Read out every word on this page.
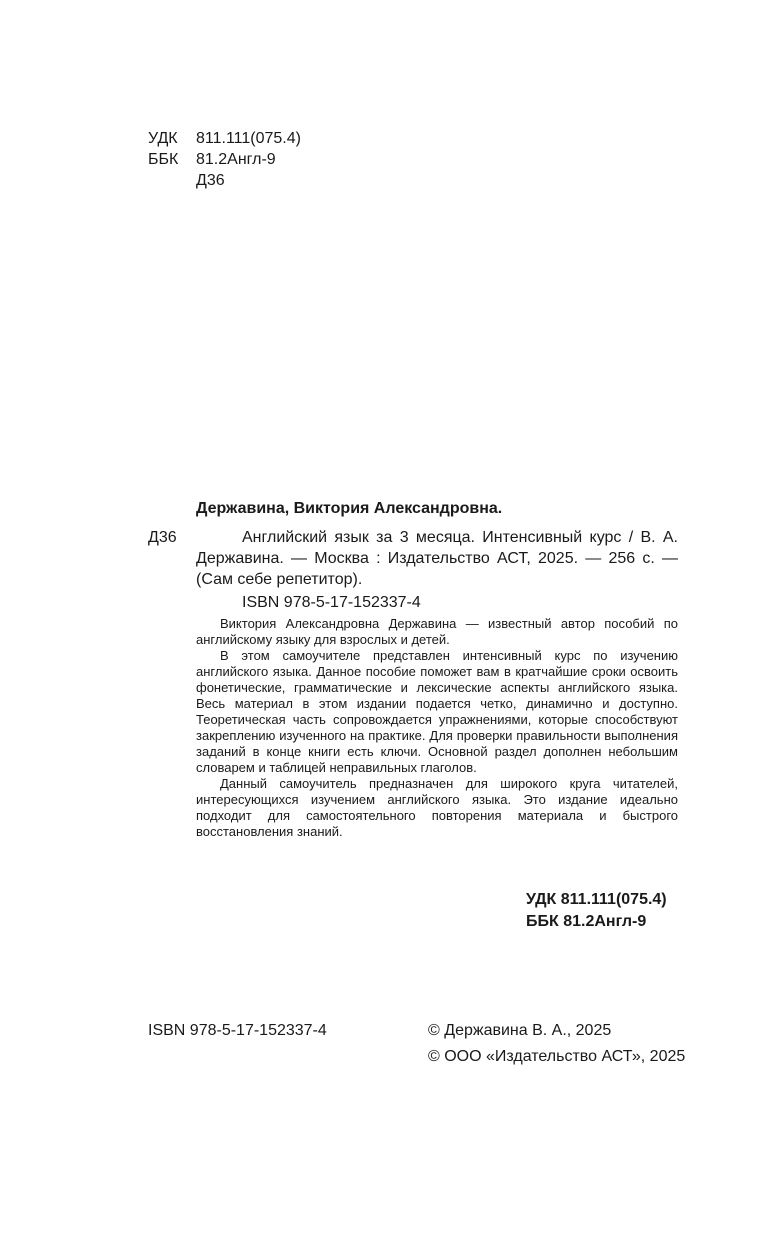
УДК	811.111(075.4)
ББК	81.2Англ-9
Д36
Державина, Виктория Александровна.
Д36	Английский язык за 3 месяца. Интенсивный курс / В. А. Державина. — Москва : Издательство АСТ, 2025. — 256 с. — (Сам себе репетитор).
ISBN 978-5-17-152337-4

Виктория Александровна Державина — известный автор пособий по английскому языку для взрослых и детей.

В этом самоучителе представлен интенсивный курс по изучению английского языка. Данное пособие поможет вам в кратчайшие сроки освоить фонетические, грамматические и лексические аспекты английского языка. Весь материал в этом издании подается четко, динамично и доступно. Теоретическая часть сопровождается упражнениями, которые способствуют закреплению изученного на практике. Для проверки правильности выполнения заданий в конце книги есть ключи. Основной раздел дополнен небольшим словарем и таблицей неправильных глаголов.

Данный самоучитель предназначен для широкого круга читателей, интересующихся изучением английского языка. Это издание идеально подходит для самостоятельного повторения материала и быстрого восстановления знаний.

УДК 811.111(075.4)
ББК 81.2Англ-9
ISBN 978-5-17-152337-4	© Державина В. А., 2025
© ООО «Издательство АСТ», 2025
